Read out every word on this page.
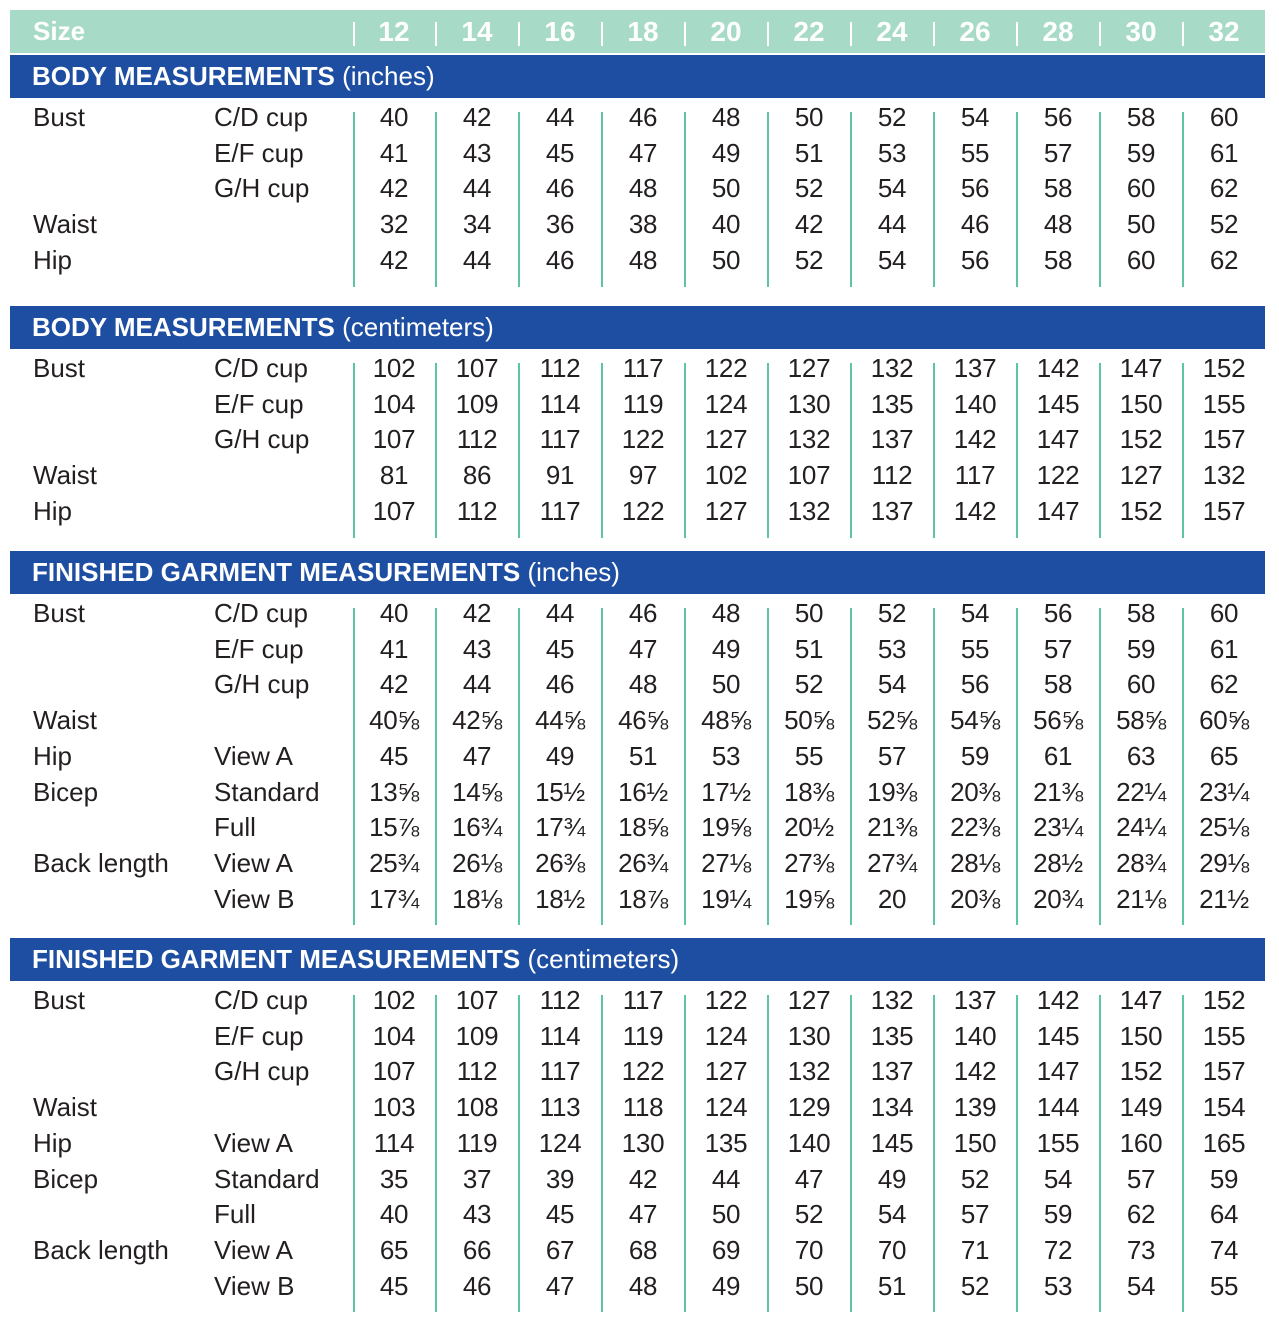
Size	12	14	16	18	20	22	24	26	28	30	32
BODY MEASUREMENTS (inches)
Bust	C/D cup	40	42	44	46	48	50	52	54	56	58	60
E/F cup	41	43	45	47	49	51	53	55	57	59	61
G/H cup	42	44	46	48	50	52	54	56	58	60	62
Waist	32	34	36	38	40	42	44	46	48	50	52
Hip	42	44	46	48	50	52	54	56	58	60	62
BODY MEASUREMENTS (centimeters)
Bust	C/D cup	102	107	112	117	122	127	132	137	142	147	152
E/F cup	104	109	114	119	124	130	135	140	145	150	155
G/H cup	107	112	117	122	127	132	137	142	147	152	157
Waist	81	86	91	97	102	107	112	117	122	127	132
Hip	107	112	117	122	127	132	137	142	147	152	157
FINISHED GARMENT MEASUREMENTS (inches)
Bust	C/D cup	40	42	44	46	48	50	52	54	56	58	60
E/F cup	41	43	45	47	49	51	53	55	57	59	61
G/H cup	42	44	46	48	50	52	54	56	58	60	62
Waist	40⅝	42⅝	44⅝	46⅝	48⅝	50⅝	52⅝	54⅝	56⅝	58⅝	60⅝
Hip	View A	45	47	49	51	53	55	57	59	61	63	65
Bicep	Standard	13⅝	14⅝	15½	16½	17½	18⅜	19⅜	20⅜	21⅜	22¼	23¼
Full	15⅞	16¾	17¾	18⅝	19⅝	20½	21⅜	22⅜	23¼	24¼	25⅛
Back length View A	25¾	26⅛	26⅜	26¾	27⅛	27⅜	27¾	28⅛	28½	28¾	29⅛
View B	17¾	18⅛	18½	18⅞	19¼	19⅝	20	20⅜	20¾	21⅛	21½
FINISHED GARMENT MEASUREMENTS (centimeters)
Bust	C/D cup	102	107	112	117	122	127	132	137	142	147	152
E/F cup	104	109	114	119	124	130	135	140	145	150	155
G/H cup	107	112	117	122	127	132	137	142	147	152	157
Waist	103	108	113	118	124	129	134	139	144	149	154
Hip	View A	114	119	124	130	135	140	145	150	155	160	165
Bicep	Standard	35	37	39	42	44	47	49	52	54	57	59
Full	40	43	45	47	50	52	54	57	59	62	64
Back length View A	65	66	67	68	69	70	70	71	72	73	74
View B	45	46	47	48	49	50	51	52	53	54	55
